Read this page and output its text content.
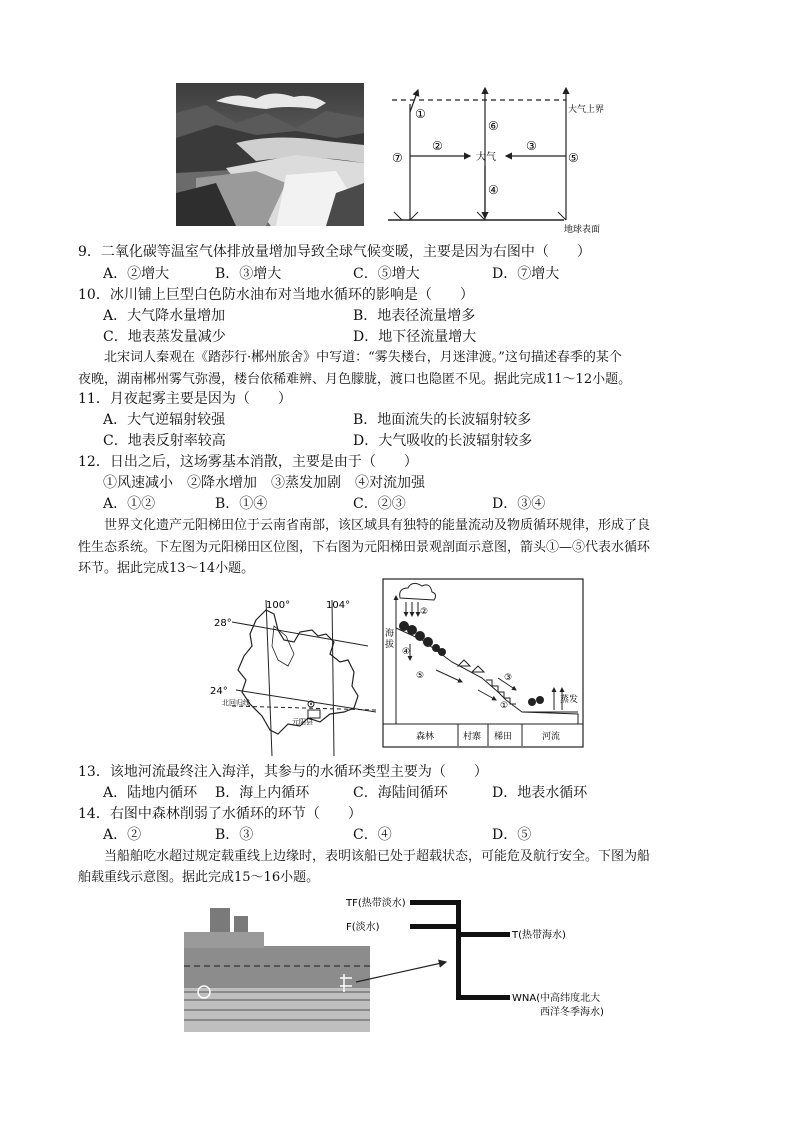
①
②	③
④
⑤
⑥
⑦	大气
大气上界
地球表面
9．二氧化碳等温室气体排放量增加导致全球气候变暖，主要是因为右图中（　　）
A．②增大	B．③增大	C．⑤增大	D．⑦增大
10．冰川铺上巨型白色防水油布对当地水循环的影响是（　　）
A．大气降水量增加	B．地表径流量增多
C．地表蒸发量减少	D．地下径流量增大
北宋词人秦观在《踏莎行·郴州旅舍》中写道：“雾失楼台，月迷津渡。”这句描述春季的某个
夜晚，湖南郴州雾气弥漫，楼台依稀难辨、月色朦胧，渡口也隐匿不见。据此完成11～12小题。
11．月夜起雾主要是因为（　　）
A．大气逆辐射较强	B．地面流失的长波辐射较多
C．地表反射率较高	D．大气吸收的长波辐射较多
12．日出之后，这场雾基本消散，主要是由于（　　）
①风速减小　②降水增加　③蒸发加剧　④对流加强
A．①②	B．①④	C．②③	D．③④
世界文化遗产元阳梯田位于云南省南部，该区域具有独特的能量流动及物质循环规律，形成了良
性生态系统。下左图为元阳梯田区位图，下右图为元阳梯田景观剖面示意图，箭头①—⑤代表水循环
环节。据此完成13～14小题。
100°	104°
28°
24°
北回归线
元阳县
海 拔
②
④
⑤	③
①
蒸发
森林	村寨 梯田	河流
13．该地河流最终注入海洋，其参与的水循环类型主要为（　　）
A．陆地内循环 B．海上内循环	C．海陆间循环	D．地表水循环
14．右图中森林削弱了水循环的环节（　　）
A．②	B．③	C．④	D．⑤
当船舶吃水超过规定载重线上边缘时，表明该船已处于超载状态，可能危及航行安全。下图为船
舶载重线示意图。据此完成15～16小题。
TF(热带淡水)
F(淡水)
T(热带海水)
WNA(中高纬度北大
西洋冬季海水)
